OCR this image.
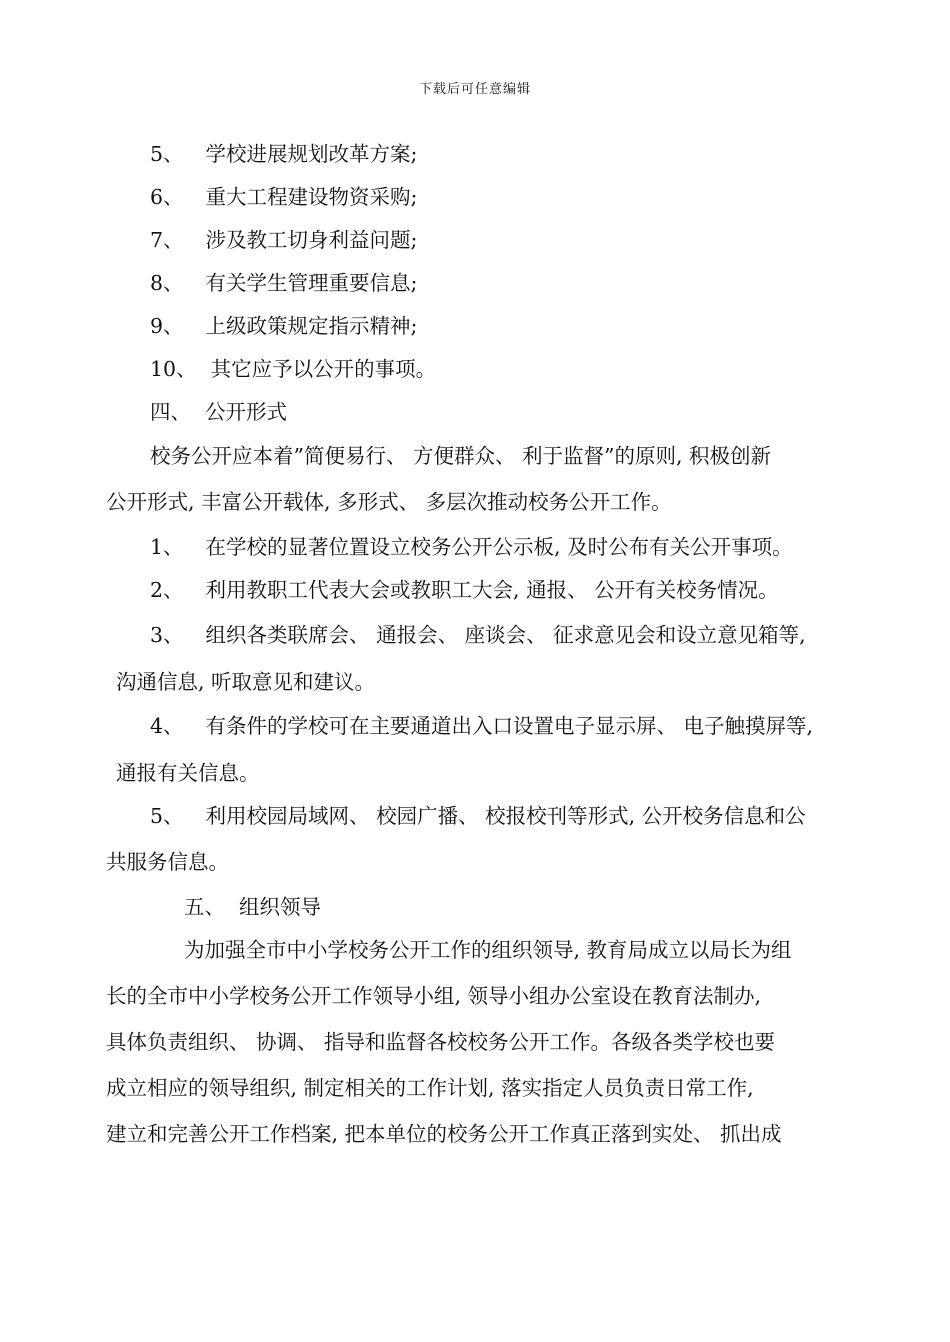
下载后可任意编辑
5、 学校进展规划改革方案;
6、 重大工程建设物资采购;
7、 涉及教工切身利益问题;
8、 有关学生管理重要信息;
9、 上级政策规定指示精神;
10、 其它应予以公开的事项。
四、 公开形式
校务公开应本着”简便易行、 方便群众、 利于监督”的原则, 积极创新
公开形式, 丰富公开载体, 多形式、 多层次推动校务公开工作。
1、 在学校的显著位置设立校务公开公示板, 及时公布有关公开事项。
2、 利用教职工代表大会或教职工大会, 通报、 公开有关校务情况。
3、 组织各类联席会、 通报会、 座谈会、 征求意见会和设立意见箱等,
沟通信息, 听取意见和建议。
4、 有条件的学校可在主要通道出入口设置电子显示屏、 电子触摸屏等,
通报有关信息。
5、 利用校园局域网、 校园广播、 校报校刊等形式, 公开校务信息和公
共服务信息。
五、 组织领导
为加强全市中小学校务公开工作的组织领导, 教育局成立以局长为组
长的全市中小学校务公开工作领导小组, 领导小组办公室设在教育法制办,
具体负责组织、 协调、 指导和监督各校校务公开工作。各级各类学校也要
成立相应的领导组织, 制定相关的工作计划, 落实指定人员负责日常工作,
建立和完善公开工作档案, 把本单位的校务公开工作真正落到实处、 抓出成
